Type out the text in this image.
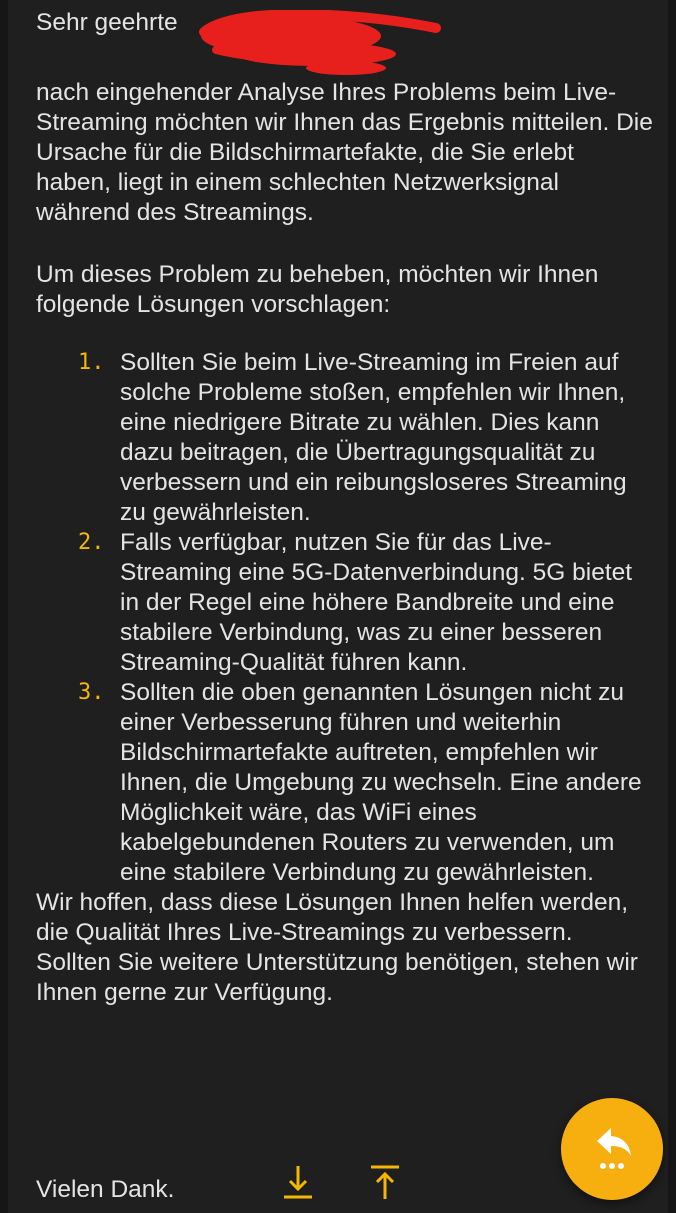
Sehr geehrte

nach eingehender Analyse Ihres Problems beim Live-Streaming möchten wir Ihnen das Ergebnis mitteilen. Die Ursache für die Bildschirmartefakte, die Sie erlebt haben, liegt in einem schlechten Netzwerksignal während des Streamings.

Um dieses Problem zu beheben, möchten wir Ihnen folgende Lösungen vorschlagen:

1. Sollten Sie beim Live-Streaming im Freien auf solche Probleme stoßen, empfehlen wir Ihnen, eine niedrigere Bitrate zu wählen. Dies kann dazu beitragen, die Übertragungsqualität zu verbessern und ein reibungsloseres Streaming zu gewährleisten.
2. Falls verfügbar, nutzen Sie für das Live-Streaming eine 5G-Datenverbindung. 5G bietet in der Regel eine höhere Bandbreite und eine stabilere Verbindung, was zu einer besseren Streaming-Qualität führen kann.
3. Sollten die oben genannten Lösungen nicht zu einer Verbesserung führen und weiterhin Bildschirmartefakte auftreten, empfehlen wir Ihnen, die Umgebung zu wechseln. Eine andere Möglichkeit wäre, das WiFi eines kabelgebundenen Routers zu verwenden, um eine stabilere Verbindung zu gewährleisten.

Wir hoffen, dass diese Lösungen Ihnen helfen werden, die Qualität Ihres Live-Streamings zu verbessern. Sollten Sie weitere Unterstützung benötigen, stehen wir Ihnen gerne zur Verfügung.

Vielen Dank.
